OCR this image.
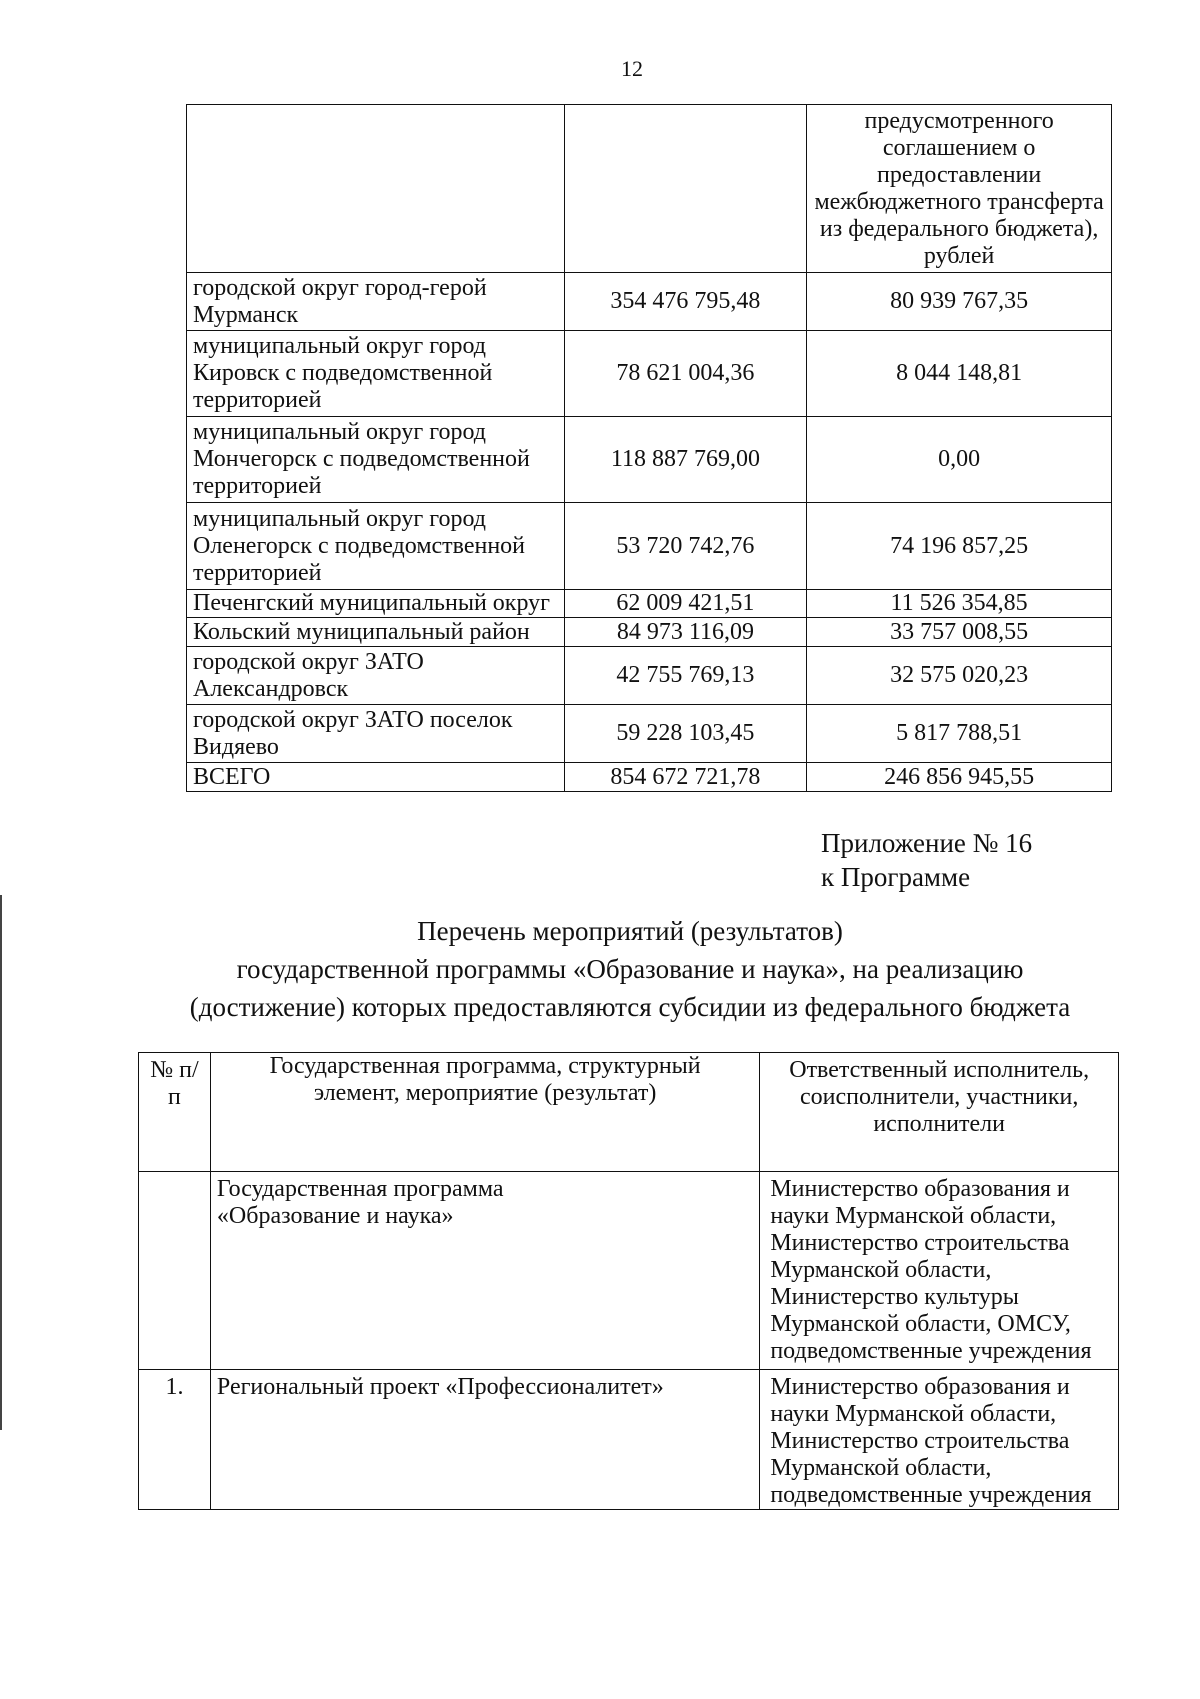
12
		предусмотренного соглашением о предоставлении межбюджетного трансферта из федерального бюджета), рублей
городской округ город-герой Мурманск	354 476 795,48	80 939 767,35
муниципальный округ город Кировск с подведомственной территорией	78 621 004,36	8 044 148,81
муниципальный округ город Мончегорск с подведомственной территорией	118 887 769,00	0,00
муниципальный округ город Оленегорск с подведомственной территорией	53 720 742,76	74 196 857,25
Печенгский муниципальный округ	62 009 421,51	11 526 354,85
Кольский муниципальный район	84 973 116,09	33 757 008,55
городской округ ЗАТО Александровск	42 755 769,13	32 575 020,23
городской округ ЗАТО поселок Видяево	59 228 103,45	5 817 788,51
ВСЕГО	854 672 721,78	246 856 945,55
Приложение № 16
к Программе
Перечень мероприятий (результатов)
государственной программы «Образование и наука», на реализацию
(достижение) которых предоставляются субсидии из федерального бюджета
№ п/п	Государственная программа, структурный элемент, мероприятие (результат)	Ответственный исполнитель, соисполнители, участники, исполнители
	Государственная программа «Образование и наука»	Министерство образования и науки Мурманской области, Министерство строительства Мурманской области, Министерство культуры Мурманской области, ОМСУ, подведомственные учреждения
1.	Региональный проект «Профессионалитет»	Министерство образования и науки Мурманской области, Министерство строительства Мурманской области, подведомственные учреждения
